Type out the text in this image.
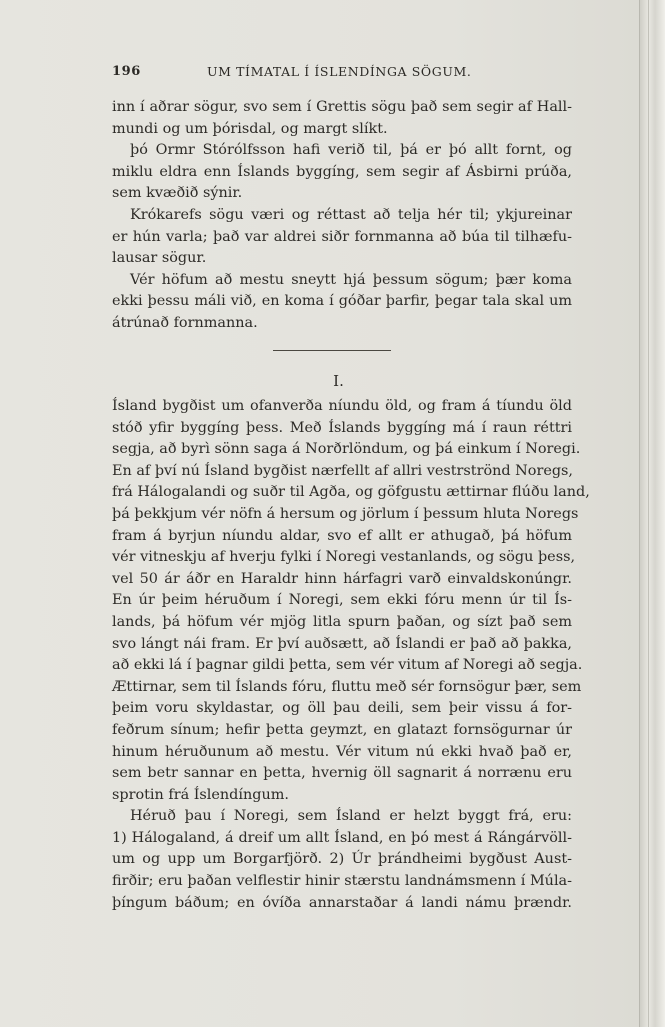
196	UM TÍMATAL Í ÍSLENDÍNGA SÖGUM.
inn í aðrar sögur, svo sem í Grettis sögu það sem segir af Hall-
mundi og um þórisdal, og margt slíkt.
þó Ormr Stórólfsson hafi verið til, þá er þó allt fornt, og
miklu eldra enn Íslands byggíng, sem segir af Ásbirni prúða,
sem kvæðið sýnir.
Krókarefs sögu væri og réttast að telja hér til; ykjureinar
er hún varla; það var aldrei siðr fornmanna að búa til tilhæfu-
lausar sögur.
Vér höfum að mestu sneytt hjá þessum sögum; þær koma
ekki þessu máli við, en koma í góðar þarfir, þegar tala skal um
átrúnað fornmanna.
I.
Ísland bygðist um ofanverða níundu öld, og fram á tíundu öld
stóð yfir byggíng þess. Með Íslands byggíng má í raun réttri
segja, að byrì sönn saga á Norðrlöndum, og þá einkum í Noregi.
En af því nú Ísland bygðist nærfellt af allri vestrströnd Noregs,
frá Hálogalandi og suðr til Agða, og göfgustu ættirnar flúðu land,
þá þekkjum vér nöfn á hersum og jörlum í þessum hluta Noregs
fram á byrjun níundu aldar, svo ef allt er athugað, þá höfum
vér vitneskju af hverju fylki í Noregi vestanlands, og sögu þess,
vel 50 ár áðr en Haraldr hinn hárfagri varð einvaldskonúngr.
En úr þeim héruðum í Noregi, sem ekki fóru menn úr til Ís-
lands, þá höfum vér mjög litla spurn þaðan, og sízt það sem
svo lángt nái fram. Er því auðsætt, að Íslandi er það að þakka,
að ekki lá í þagnar gildi þetta, sem vér vitum af Noregi að segja.
Ættirnar, sem til Íslands fóru, fluttu með sér fornsögur þær, sem
þeim voru skyldastar, og öll þau deili, sem þeir vissu á for-
feðrum sínum; hefir þetta geymzt, en glatazt fornsögurnar úr
hinum héruðunum að mestu. Vér vitum nú ekki hvað það er,
sem betr sannar en þetta, hvernig öll sagnarit á norrænu eru
sprotin frá Íslendíngum.
Héruð þau í Noregi, sem Ísland er helzt byggt frá, eru:
1) Hálogaland, á dreif um allt Ísland, en þó mest á Rángárvöll-
um og upp um Borgarfjörð. 2) Úr þrándheimi bygðust Aust-
firðir; eru þaðan velflestir hinir stærstu landnámsmenn í Múla-
þíngum báðum; en óvíða annarstaðar á landi námu þrændr.
